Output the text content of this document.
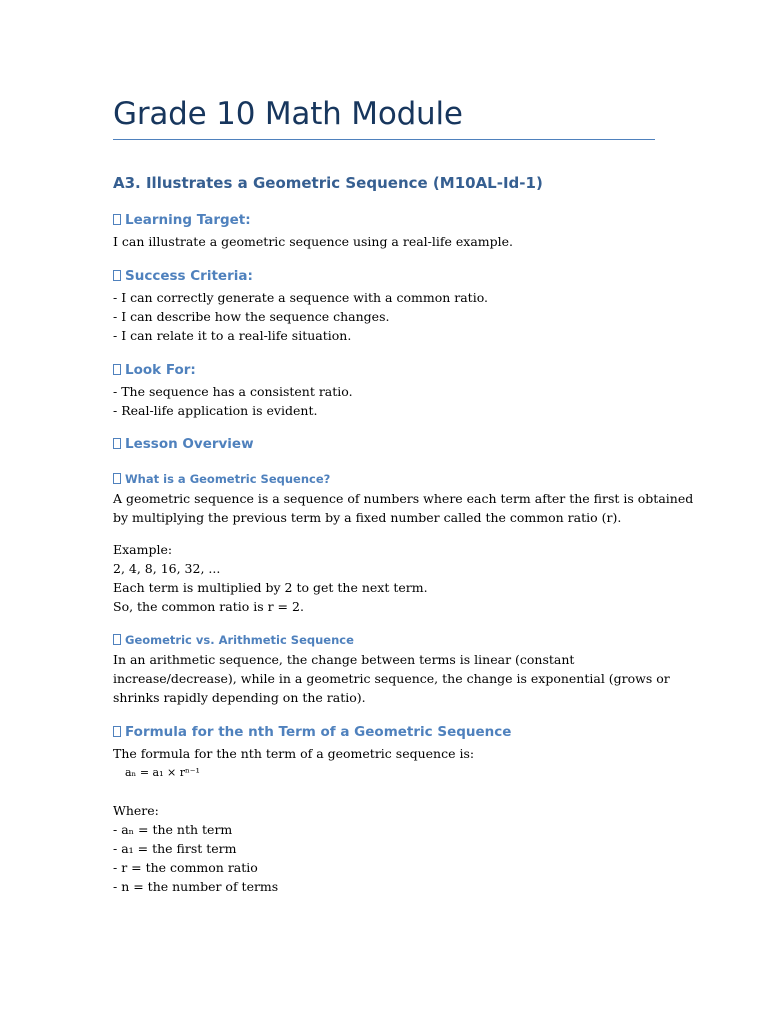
Grade 10 Math Module
A3. Illustrates a Geometric Sequence (M10AL-Id-1)
Learning Target:

I can illustrate a geometric sequence using a real-life example.

Success Criteria:

- I can correctly generate a sequence with a common ratio.
- I can describe how the sequence changes.
- I can relate it to a real-life situation.

Look For:

- The sequence has a consistent ratio.
- Real-life application is evident.

Lesson Overview
What is a Geometric Sequence?

A geometric sequence is a sequence of numbers where each term after the first is obtained
by multiplying the previous term by a fixed number called the common ratio (r).

Example:
2, 4, 8, 16, 32, ...
Each term is multiplied by 2 to get the next term.
So, the common ratio is r = 2.

Geometric vs. Arithmetic Sequence

In an arithmetic sequence, the change between terms is linear (constant
increase/decrease), while in a geometric sequence, the change is exponential (grows or
shrinks rapidly depending on the ratio).

Formula for the nth Term of a Geometric Sequence

The formula for the nth term of a geometric sequence is:

aₙ = a₁ × rⁿ⁻¹

Where:
- aₙ = the nth term
- a₁ = the first term
- r = the common ratio
- n = the number of terms
